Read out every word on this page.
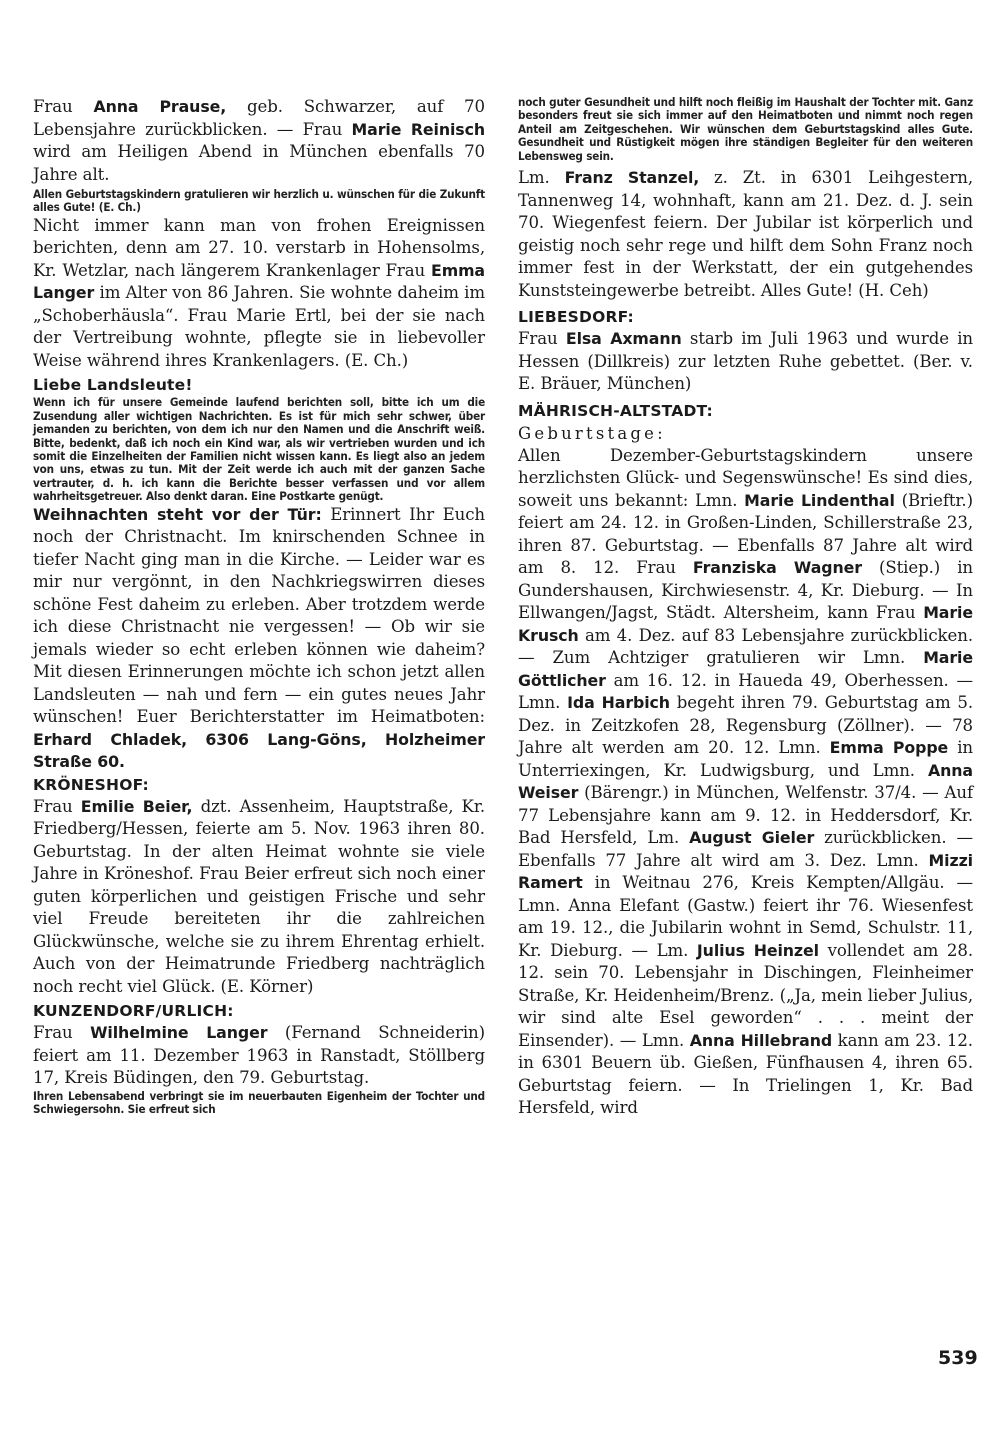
Frau Anna Prause, geb. Schwarzer, auf 70 Lebensjahre zurückblicken. — Frau Marie Reinisch wird am Heiligen Abend in München ebenfalls 70 Jahre alt.

Allen Geburtstagskindern gratulieren wir herzlich u. wünschen für die Zukunft alles Gute! (E. Ch.)

Nicht immer kann man von frohen Ereignissen berichten, denn am 27. 10. verstarb in Hohensolms, Kr. Wetzlar, nach längerem Krankenlager Frau Emma Langer im Alter von 86 Jahren. Sie wohnte daheim im „Schoberhäusla“. Frau Marie Ertl, bei der sie nach der Vertreibung wohnte, pflegte sie in liebevoller Weise während ihres Krankenlagers. (E. Ch.)

Liebe Landsleute!

Wenn ich für unsere Gemeinde laufend berichten soll, bitte ich um die Zusendung aller wichtigen Nachrichten. Es ist für mich sehr schwer, über jemanden zu berichten, von dem ich nur den Namen und die Anschrift weiß. Bitte, bedenkt, daß ich noch ein Kind war, als wir vertrieben wurden und ich somit die Einzelheiten der Familien nicht wissen kann. Es liegt also an jedem von uns, etwas zu tun. Mit der Zeit werde ich auch mit der ganzen Sache vertrauter, d. h. ich kann die Berichte besser verfassen und vor allem wahrheitsgetreuer. Also denkt daran. Eine Postkarte genügt.

Weihnachten steht vor der Tür: Erinnert Ihr Euch noch der Christnacht. Im knirschenden Schnee in tiefer Nacht ging man in die Kirche. — Leider war es mir nur vergönnt, in den Nachkriegswirren dieses schöne Fest daheim zu erleben. Aber trotzdem werde ich diese Christnacht nie vergessen! — Ob wir sie jemals wieder so echt erleben können wie daheim? Mit diesen Erinnerungen möchte ich schon jetzt allen Landsleuten — nah und fern — ein gutes neues Jahr wünschen! Euer Berichterstatter im Heimatboten: Erhard Chladek, 6306 Lang-Göns, Holzheimer Straße 60.

KRÖNESHOF:

Frau Emilie Beier, dzt. Assenheim, Hauptstraße, Kr. Friedberg/Hessen, feierte am 5. Nov. 1963 ihren 80. Geburtstag. In der alten Heimat wohnte sie viele Jahre in Kröneshof. Frau Beier erfreut sich noch einer guten körperlichen und geistigen Frische und sehr viel Freude bereiteten ihr die zahlreichen Glückwünsche, welche sie zu ihrem Ehrentag erhielt. Auch von der Heimatrunde Friedberg nachträglich noch recht viel Glück. (E. Körner)

KUNZENDORF/URLICH:

Frau Wilhelmine Langer (Fernand Schneiderin) feiert am 11. Dezember 1963 in Ranstadt, Stöllberg 17, Kreis Büdingen, den 79. Geburtstag.

Ihren Lebensabend verbringt sie im neuerbauten Eigenheim der Tochter und Schwiegersohn. Sie erfreut sich

noch guter Gesundheit und hilft noch fleißig im Haushalt der Tochter mit. Ganz besonders freut sie sich immer auf den Heimatboten und nimmt noch regen Anteil am Zeitgeschehen. Wir wünschen dem Geburtstagskind alles Gute. Gesundheit und Rüstigkeit mögen ihre ständigen Begleiter für den weiteren Lebensweg sein.

Lm. Franz Stanzel, z. Zt. in 6301 Leihgestern, Tannenweg 14, wohnhaft, kann am 21. Dez. d. J. sein 70. Wiegenfest feiern. Der Jubilar ist körperlich und geistig noch sehr rege und hilft dem Sohn Franz noch immer fest in der Werkstatt, der ein gutgehendes Kunststeingewerbe betreibt. Alles Gute! (H. Ceh)

LIEBESDORF:

Frau Elsa Axmann starb im Juli 1963 und wurde in Hessen (Dillkreis) zur letzten Ruhe gebettet. (Ber. v. E. Bräuer, München)

MÄHRISCH-ALTSTADT:

Geburtstage:

Allen Dezember-Geburtstagskindern unsere herzlichsten Glück- und Segenswünsche! Es sind dies, soweit uns bekannt: Lmn. Marie Lindenthal (Brieftr.) feiert am 24. 12. in Großen-Linden, Schillerstraße 23, ihren 87. Geburtstag. — Ebenfalls 87 Jahre alt wird am 8. 12. Frau Franziska Wagner (Stiep.) in Gundershausen, Kirchwiesenstr. 4, Kr. Dieburg. — In Ellwangen/Jagst, Städt. Altersheim, kann Frau Marie Krusch am 4. Dez. auf 83 Lebensjahre zurückblicken. — Zum Achtziger gratulieren wir Lmn. Marie Göttlicher am 16. 12. in Haueda 49, Oberhessen. — Lmn. Ida Harbich begeht ihren 79. Geburtstag am 5. Dez. in Zeitzkofen 28, Regensburg (Zöllner). — 78 Jahre alt werden am 20. 12. Lmn. Emma Poppe in Unterriexingen, Kr. Ludwigsburg, und Lmn. Anna Weiser (Bärengr.) in München, Welfenstr. 37/4. — Auf 77 Lebensjahre kann am 9. 12. in Heddersdorf, Kr. Bad Hersfeld, Lm. August Gieler zurückblicken. — Ebenfalls 77 Jahre alt wird am 3. Dez. Lmn. Mizzi Ramert in Weitnau 276, Kreis Kempten/Allgäu. — Lmn. Anna Elefant (Gastw.) feiert ihr 76. Wiesenfest am 19. 12., die Jubilarin wohnt in Semd, Schulstr. 11, Kr. Dieburg. — Lm. Julius Heinzel vollendet am 28. 12. sein 70. Lebensjahr in Dischingen, Fleinheimer Straße, Kr. Heidenheim/Brenz. („Ja, mein lieber Julius, wir sind alte Esel geworden“ . . . meint der Einsender). — Lmn. Anna Hillebrand kann am 23. 12. in 6301 Beuern üb. Gießen, Fünfhausen 4, ihren 65. Geburtstag feiern. — In Trielingen 1, Kr. Bad Hersfeld, wird

539
